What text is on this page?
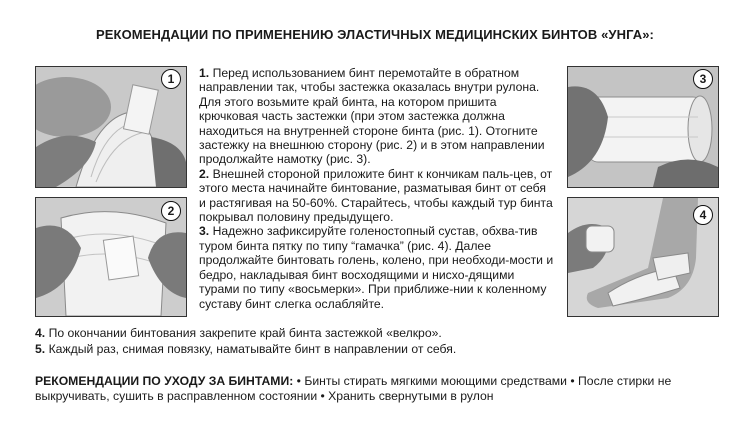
РЕКОМЕНДАЦИИ ПО ПРИМЕНЕНИЮ ЭЛАСТИЧНЫХ МЕДИЦИНСКИХ БИНТОВ «УНГА»:
1
2
3
4

1. Перед использованием бинт перемотайте в обратном направлении так, чтобы застежка оказалась внутри рулона. Для этого возьмите край бинта, на котором пришита крючковая часть застежки (при этом застежка должна находиться на внутренней стороне бинта (рис. 1). Отогните застежку на внешнюю сторону (рис. 2) и в этом направлении продолжайте намотку (рис. 3).

2. Внешней стороной приложите бинт к кончикам паль-цев, от этого места начинайте бинтование, разматывая бинт от себя и растягивая на 50-60%. Старайтесь, чтобы каждый тур бинта покрывал половину предыдущего.

3. Надежно зафиксируйте голеностопный сустав, обхва-тив туром бинта пятку по типу “гамачка” (рис. 4). Далее продолжайте бинтовать голень, колено, при необходи-мости и бедро, накладывая бинт восходящими и нисхо-дящими турами по типу «восьмерки». При приближе-нии к коленному суставу бинт слегка ослабляйте.

4. По окончании бинтования закрепите край бинта застежкой «велкро».
5. Каждый раз, снимая повязку, наматывайте бинт в направлении от себя.
РЕКОМЕНДАЦИИ ПО УХОДУ ЗА БИНТАМИ: • Бинты стирать мягкими моющими средствами • После стирки не выкручивать, сушить в расправленном состоянии • Хранить свернутыми в рулон
